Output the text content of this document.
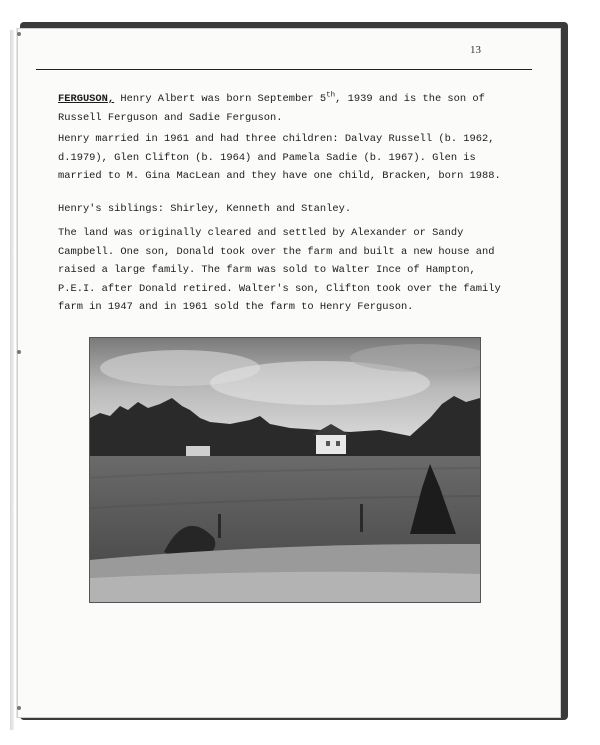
13
FERGUSON, Henry Albert was born September 5th, 1939 and is the son of Russell Ferguson and Sadie Ferguson.
Henry married in 1961 and had three children: Dalvay Russell (b. 1962, d.1979), Glen Clifton (b. 1964) and Pamela Sadie (b. 1967). Glen is married to M. Gina MacLean and they have one child, Bracken, born 1988.
Henry's siblings: Shirley, Kenneth and Stanley.
The land was originally cleared and settled by Alexander or Sandy Campbell. One son, Donald took over the farm and built a new house and raised a large family. The farm was sold to Walter Ince of Hampton, P.E.I. after Donald retired. Walter's son, Clifton took over the family farm in 1947 and in 1961 sold the farm to Henry Ferguson.
